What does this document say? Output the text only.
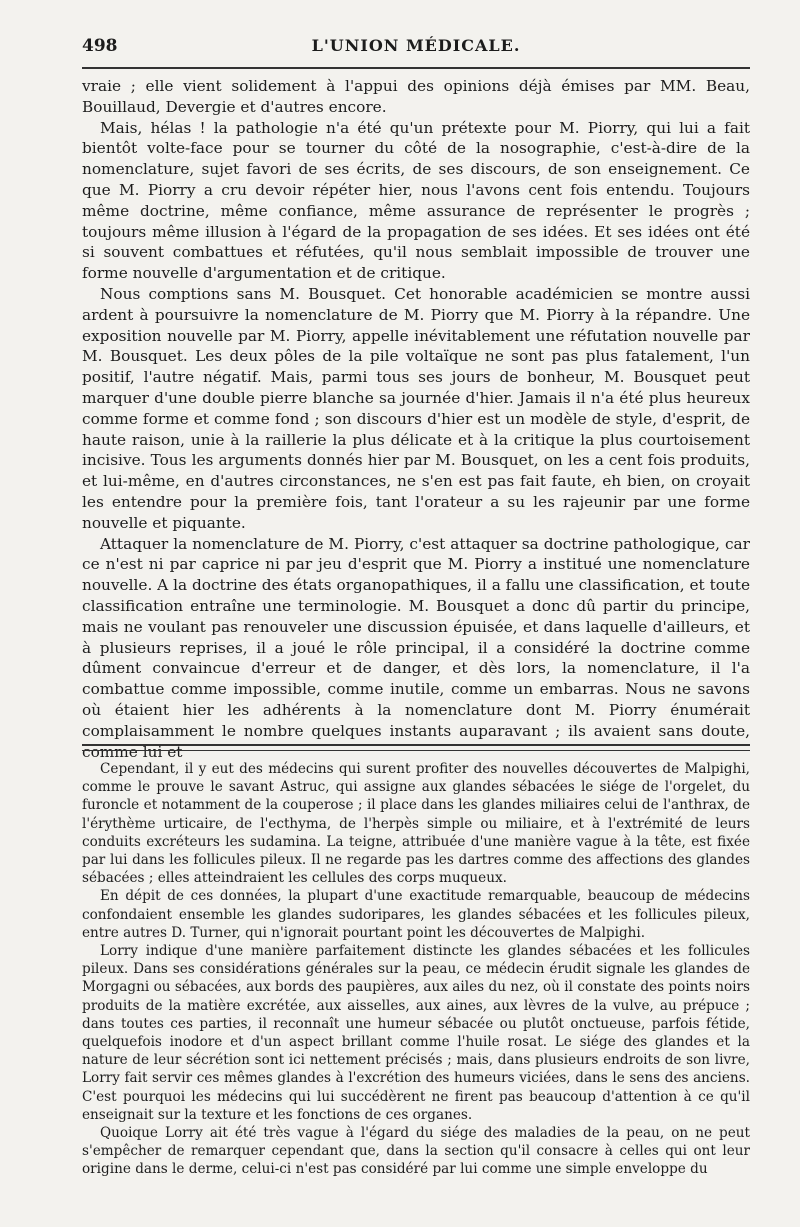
498	L'UNION MÉDICALE.

vraie ; elle vient solidement à l'appui des opinions déjà émises par MM. Beau, Bouillaud, Devergie et d'autres encore.

Mais, hélas ! la pathologie n'a été qu'un prétexte pour M. Piorry, qui lui a fait bientôt volte-face pour se tourner du côté de la nosographie, c'est-à-dire de la nomenclature, sujet favori de ses écrits, de ses discours, de son enseignement. Ce que M. Piorry a cru devoir répéter hier, nous l'avons cent fois entendu. Toujours même doctrine, même confiance, même assurance de représenter le progrès ; toujours même illusion à l'égard de la propagation de ses idées. Et ses idées ont été si souvent combattues et réfutées, qu'il nous semblait impossible de trouver une forme nouvelle d'argumentation et de critique.

Nous comptions sans M. Bousquet. Cet honorable académicien se montre aussi ardent à poursuivre la nomenclature de M. Piorry que M. Piorry à la répandre. Une exposition nouvelle par M. Piorry, appelle inévitablement une réfutation nouvelle par M. Bousquet. Les deux pôles de la pile voltaïque ne sont pas plus fatalement, l'un positif, l'autre négatif. Mais, parmi tous ses jours de bonheur, M. Bousquet peut marquer d'une double pierre blanche sa journée d'hier. Jamais il n'a été plus heureux comme forme et comme fond ; son discours d'hier est un modèle de style, d'esprit, de haute raison, unie à la raillerie la plus délicate et à la critique la plus courtoisement incisive. Tous les arguments donnés hier par M. Bousquet, on les a cent fois produits, et lui-même, en d'autres circonstances, ne s'en est pas fait faute, eh bien, on croyait les entendre pour la première fois, tant l'orateur a su les rajeunir par une forme nouvelle et piquante.

Attaquer la nomenclature de M. Piorry, c'est attaquer sa doctrine pathologique, car ce n'est ni par caprice ni par jeu d'esprit que M. Piorry a institué une nomenclature nouvelle. A la doctrine des états organopathiques, il a fallu une classification, et toute classification entraîne une terminologie. M. Bousquet a donc dû partir du principe, mais ne voulant pas renouveler une discussion épuisée, et dans laquelle d'ailleurs, et à plusieurs reprises, il a joué le rôle principal, il a considéré la doctrine comme dûment convaincue d'erreur et de danger, et dès lors, la nomenclature, il l'a combattue comme impossible, comme inutile, comme un embarras. Nous ne savons où étaient hier les adhérents à la nomenclature dont M. Piorry énumérait complaisamment le nombre quelques instants auparavant ; ils avaient sans doute, comme lui et

Cependant, il y eut des médecins qui surent profiter des nouvelles découvertes de Malpighi, comme le prouve le savant Astruc, qui assigne aux glandes sébacées le siége de l'orgelet, du furoncle et notamment de la couperose ; il place dans les glandes miliaires celui de l'anthrax, de l'érythème urticaire, de l'ecthyma, de l'herpès simple ou miliaire, et à l'extrémité de leurs conduits excréteurs les sudamina. La teigne, attribuée d'une manière vague à la tête, est fixée par lui dans les follicules pileux. Il ne regarde pas les dartres comme des affections des glandes sébacées ; elles atteindraient les cellules des corps muqueux.

En dépit de ces données, la plupart d'une exactitude remarquable, beaucoup de médecins confondaient ensemble les glandes sudoripares, les glandes sébacées et les follicules pileux, entre autres D. Turner, qui n'ignorait pourtant point les découvertes de Malpighi.

Lorry indique d'une manière parfaitement distincte les glandes sébacées et les follicules pileux. Dans ses considérations générales sur la peau, ce médecin érudit signale les glandes de Morgagni ou sébacées, aux bords des paupières, aux ailes du nez, où il constate des points noirs produits de la matière excrétée, aux aisselles, aux aines, aux lèvres de la vulve, au prépuce ; dans toutes ces parties, il reconnaît une humeur sébacée ou plutôt onctueuse, parfois fétide, quelquefois inodore et d'un aspect brillant comme l'huile rosat. Le siége des glandes et la nature de leur sécrétion sont ici nettement précisés ; mais, dans plusieurs endroits de son livre, Lorry fait servir ces mêmes glandes à l'excrétion des humeurs viciées, dans le sens des anciens. C'est pourquoi les médecins qui lui succédèrent ne firent pas beaucoup d'attention à ce qu'il enseignait sur la texture et les fonctions de ces organes.

Quoique Lorry ait été très vague à l'égard du siége des maladies de la peau, on ne peut s'empêcher de remarquer cependant que, dans la section qu'il consacre à celles qui ont leur origine dans le derme, celui-ci n'est pas considéré par lui comme une simple enveloppe du
